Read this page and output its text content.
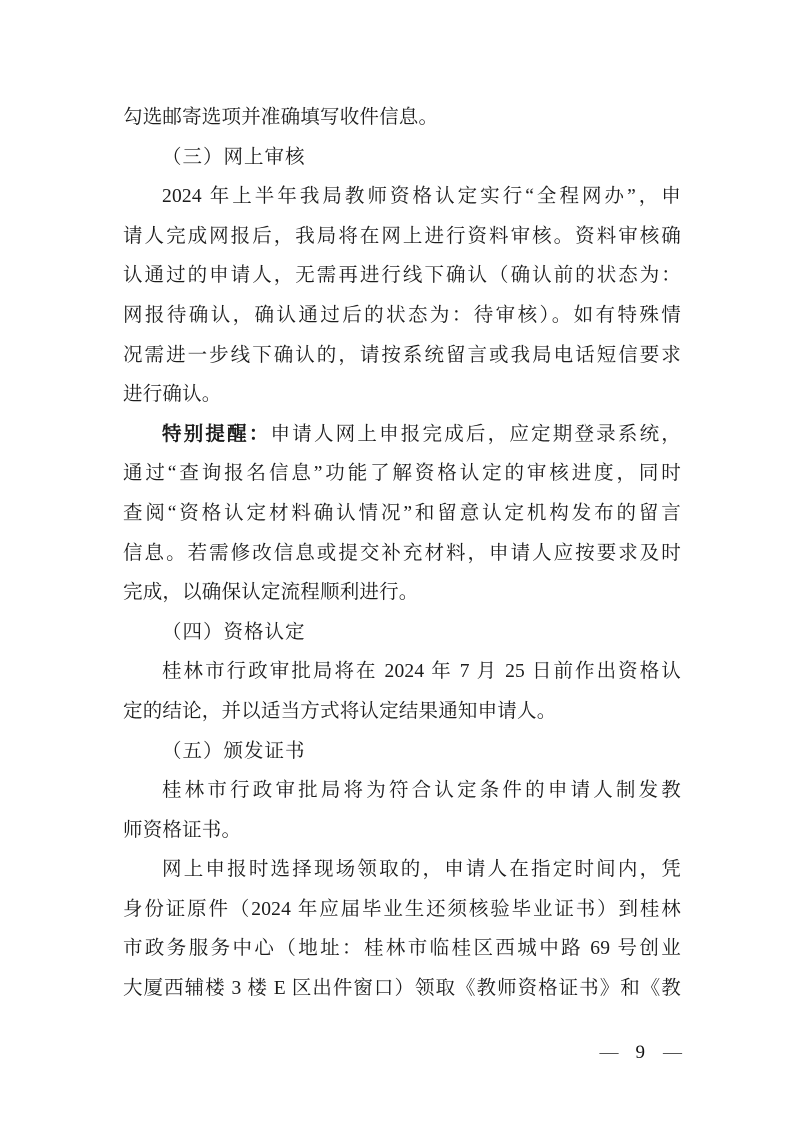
勾选邮寄选项并准确填写收件信息。
（三）网上审核
2024 年上半年我局教师资格认定实行“全程网办”，申
请人完成网报后，我局将在网上进行资料审核。资料审核确
认通过的申请人，无需再进行线下确认（确认前的状态为：
网报待确认，确认通过后的状态为：待审核）。如有特殊情
况需进一步线下确认的，请按系统留言或我局电话短信要求
进行确认。
特别提醒：申请人网上申报完成后，应定期登录系统，
通过“查询报名信息”功能了解资格认定的审核进度，同时
查阅“资格认定材料确认情况”和留意认定机构发布的留言
信息。若需修改信息或提交补充材料，申请人应按要求及时
完成，以确保认定流程顺利进行。
（四）资格认定
桂林市行政审批局将在 2024 年 7 月 25 日前作出资格认
定的结论，并以适当方式将认定结果通知申请人。
（五）颁发证书
桂林市行政审批局将为符合认定条件的申请人制发教
师资格证书。
网上申报时选择现场领取的，申请人在指定时间内，凭
身份证原件（2024 年应届毕业生还须核验毕业证书）到桂林
市政务服务中心（地址：桂林市临桂区西城中路 69 号创业
大厦西辅楼 3 楼 E 区出件窗口）领取《教师资格证书》和《教
— 9 —
